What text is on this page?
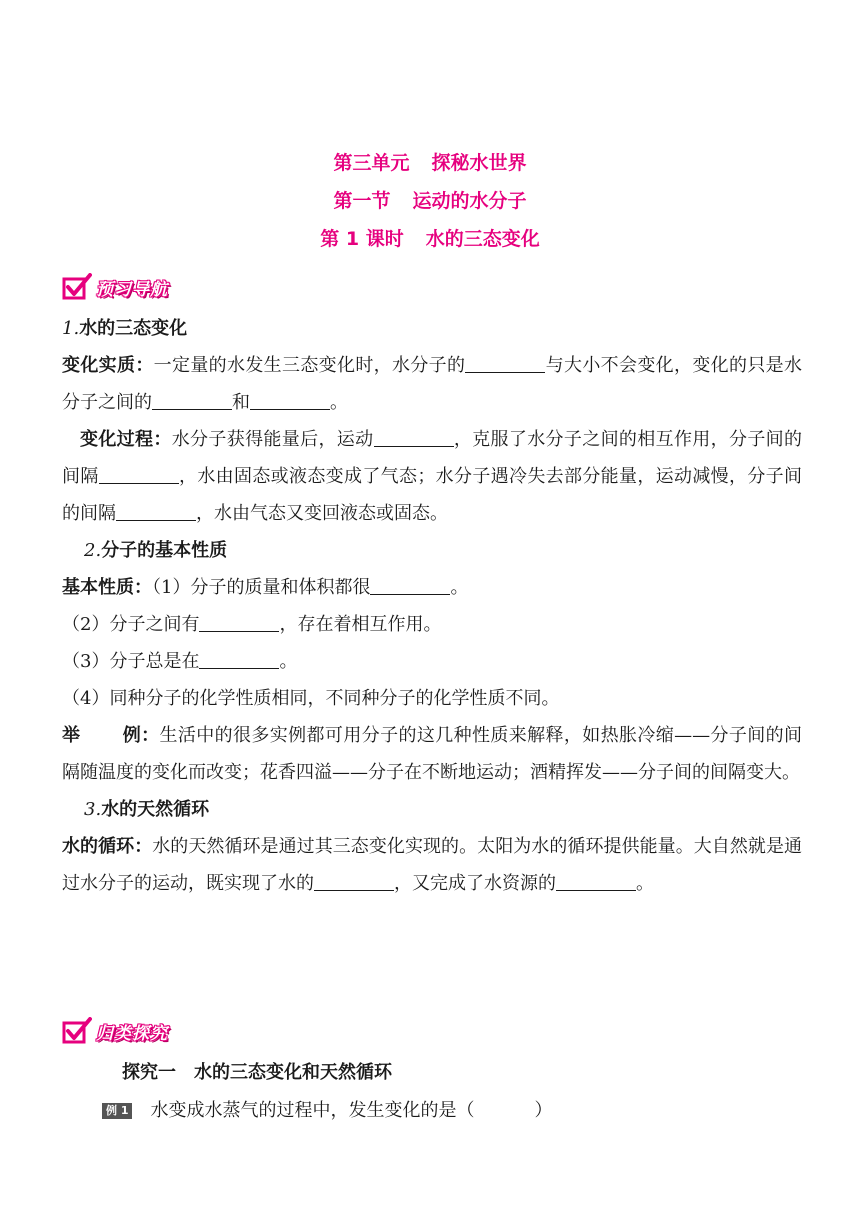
第三单元 探秘水世界
第一节 运动的水分子
第 1 课时 水的三态变化
预习导航

1.水的三态变化

变化实质：一定量的水发生三态变化时，水分子的	与大小不会变化，变化的只是水分子之间的	和	。

变化过程：水分子获得能量后，运动	，克服了水分子之间的相互作用，分子间的间隔	，水由固态或液态变成了气态；水分子遇冷失去部分能量，运动减慢，分子间的间隔	，水由气态又变回液态或固态。

2.分子的基本性质

基本性质：（1）分子的质量和体积都很	。

（2）分子之间有	，存在着相互作用。

（3）分子总是在	。

（4）同种分子的化学性质相同，不同种分子的化学性质不同。

举 例：生活中的很多实例都可用分子的这几种性质来解释，如热胀冷缩——分子间的间隔随温度的变化而改变；花香四溢——分子在不断地运动；酒精挥发——分子间的间隔变大。

3.水的天然循环

水的循环：水的天然循环是通过其三态变化实现的。太阳为水的循环提供能量。大自然就是通过水分子的运动，既实现了水的	，又完成了水资源的	。

归类探究
探究一 水的三态变化和天然循环
例 1 水变成水蒸气的过程中，发生变化的是（	）
